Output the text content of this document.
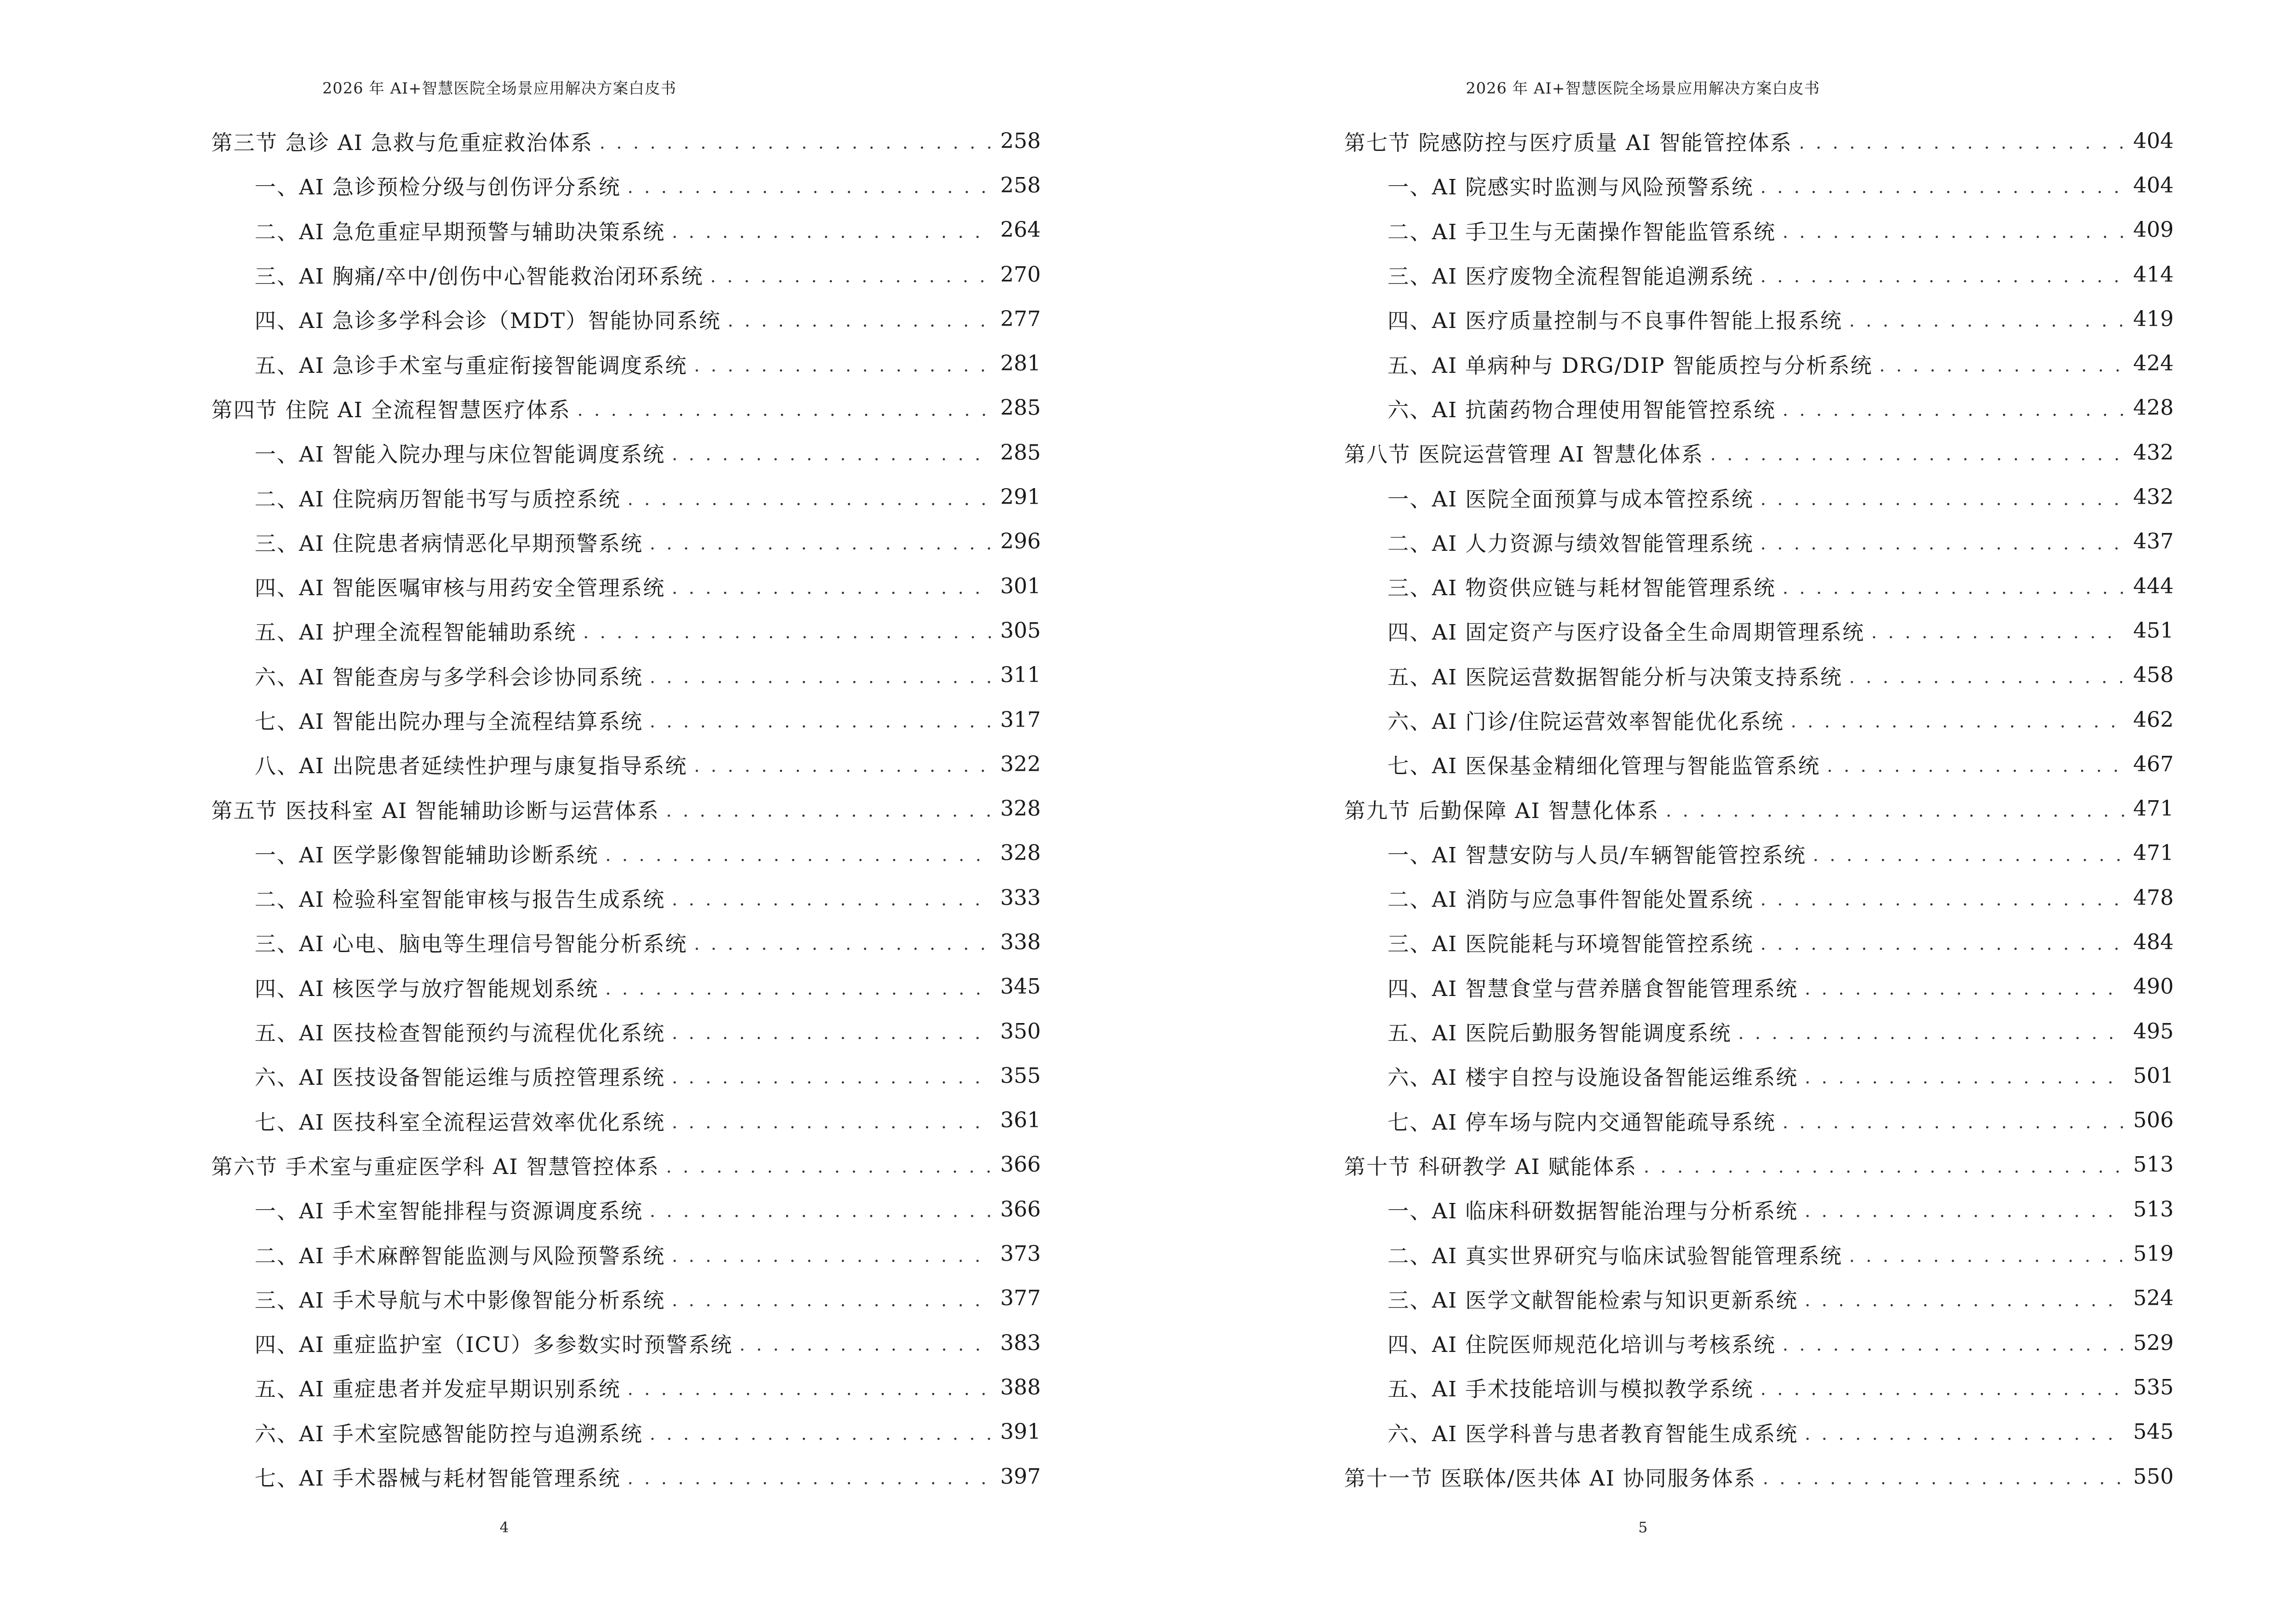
2026 年 AI+智慧医院全场景应用解决方案白皮书
第三节 急诊 AI 急救与危重症救治体系 . . .	258
一、AI 急诊预检分级与创伤评分系统 . . .	258
二、AI 急危重症早期预警与辅助决策系统 . . .	264
三、AI 胸痛/卒中/创伤中心智能救治闭环系统 . . .	270
四、AI 急诊多学科会诊（MDT）智能协同系统 . . .	277
五、AI 急诊手术室与重症衔接智能调度系统 . . .	281
第四节 住院 AI 全流程智慧医疗体系 . . .	285
一、AI 智能入院办理与床位智能调度系统 . . .	285
二、AI 住院病历智能书写与质控系统 . . .	291
三、AI 住院患者病情恶化早期预警系统 . . .	296
四、AI 智能医嘱审核与用药安全管理系统 . . .	301
五、AI 护理全流程智能辅助系统 . . .	305
六、AI 智能查房与多学科会诊协同系统 . . .	311
七、AI 智能出院办理与全流程结算系统 . . .	317
八、AI 出院患者延续性护理与康复指导系统 . . .	322
第五节 医技科室 AI 智能辅助诊断与运营体系 . . .	328
一、AI 医学影像智能辅助诊断系统 . . .	328
二、AI 检验科室智能审核与报告生成系统 . . .	333
三、AI 心电、脑电等生理信号智能分析系统 . . .	338
四、AI 核医学与放疗智能规划系统 . . .	345
五、AI 医技检查智能预约与流程优化系统 . . .	350
六、AI 医技设备智能运维与质控管理系统 . . .	355
七、AI 医技科室全流程运营效率优化系统 . . .	361
第六节 手术室与重症医学科 AI 智慧管控体系 . . .	366
一、AI 手术室智能排程与资源调度系统 . . .	366
二、AI 手术麻醉智能监测与风险预警系统 . . .	373
三、AI 手术导航与术中影像智能分析系统 . . .	377
四、AI 重症监护室（ICU）多参数实时预警系统 . . .	383
五、AI 重症患者并发症早期识别系统 . . .	388
六、AI 手术室院感智能防控与追溯系统 . . .	391
七、AI 手术器械与耗材智能管理系统 . . .	397
4
2026 年 AI+智慧医院全场景应用解决方案白皮书
第七节 院感防控与医疗质量 AI 智能管控体系 . . .	404
一、AI 院感实时监测与风险预警系统 . . .	404
二、AI 手卫生与无菌操作智能监管系统 . . .	409
三、AI 医疗废物全流程智能追溯系统 . . .	414
四、AI 医疗质量控制与不良事件智能上报系统 . . .	419
五、AI 单病种与 DRG/DIP 智能质控与分析系统 . . .	424
六、AI 抗菌药物合理使用智能管控系统 . . .	428
第八节 医院运营管理 AI 智慧化体系 . . .	432
一、AI 医院全面预算与成本管控系统 . . .	432
二、AI 人力资源与绩效智能管理系统 . . .	437
三、AI 物资供应链与耗材智能管理系统 . . .	444
四、AI 固定资产与医疗设备全生命周期管理系统 . . .	451
五、AI 医院运营数据智能分析与决策支持系统 . . .	458
六、AI 门诊/住院运营效率智能优化系统 . . .	462
七、AI 医保基金精细化管理与智能监管系统 . . .	467
第九节 后勤保障 AI 智慧化体系 . . .	471
一、AI 智慧安防与人员/车辆智能管控系统 . . .	471
二、AI 消防与应急事件智能处置系统 . . .	478
三、AI 医院能耗与环境智能管控系统 . . .	484
四、AI 智慧食堂与营养膳食智能管理系统 . . .	490
五、AI 医院后勤服务智能调度系统 . . .	495
六、AI 楼宇自控与设施设备智能运维系统 . . .	501
七、AI 停车场与院内交通智能疏导系统 . . .	506
第十节 科研教学 AI 赋能体系 . . .	513
一、AI 临床科研数据智能治理与分析系统 . . .	513
二、AI 真实世界研究与临床试验智能管理系统 . . .	519
三、AI 医学文献智能检索与知识更新系统 . . .	524
四、AI 住院医师规范化培训与考核系统 . . .	529
五、AI 手术技能培训与模拟教学系统 . . .	535
六、AI 医学科普与患者教育智能生成系统 . . .	545
第十一节 医联体/医共体 AI 协同服务体系 . . .	550
5
